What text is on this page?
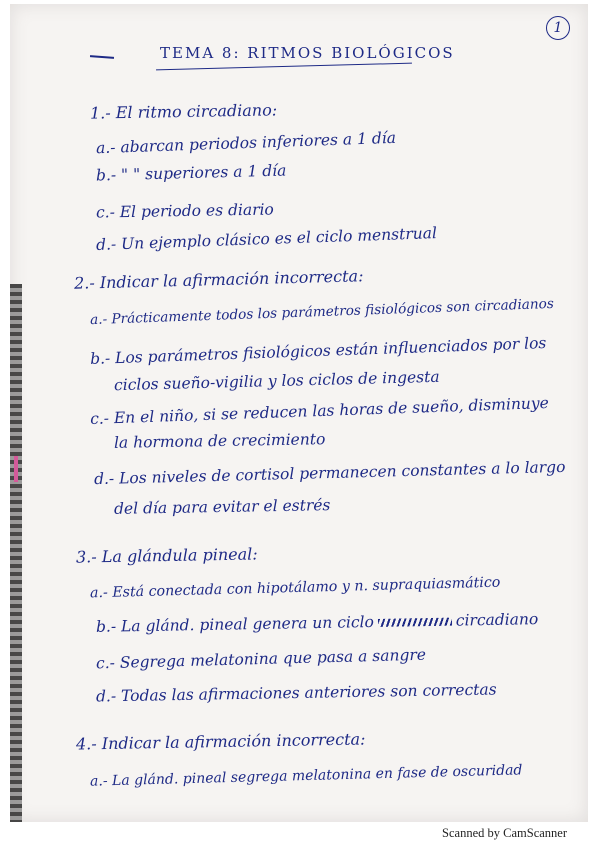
1
TEMA 8: RITMOS BIOLÓGICOS
1.- El ritmo circadiano:
a.- abarcan periodos inferiores a 1 día
b.- " " superiores a 1 día
c.- El periodo es diario
d.- Un ejemplo clásico es el ciclo menstrual
2.- Indicar la afirmación incorrecta:
a.- Prácticamente todos los parámetros fisiológicos son circadianos
b.- Los parámetros fisiológicos están influenciados por los
ciclos sueño-vigilia y los ciclos de ingesta
c.- En el niño, si se reducen las horas de sueño, disminuye
la hormona de crecimiento
d.- Los niveles de cortisol permanecen constantes a lo largo
del día para evitar el estrés
3.- La glándula pineal:
a.- Está conectada con hipotálamo y n. supraquiasmático
b.- La glánd. pineal genera un ciclo	circadiano
c.- Segrega melatonina que pasa a sangre
d.- Todas las afirmaciones anteriores son correctas
4.- Indicar la afirmación incorrecta:
a.- La glánd. pineal segrega melatonina en fase de oscuridad
Scanned by CamScanner
